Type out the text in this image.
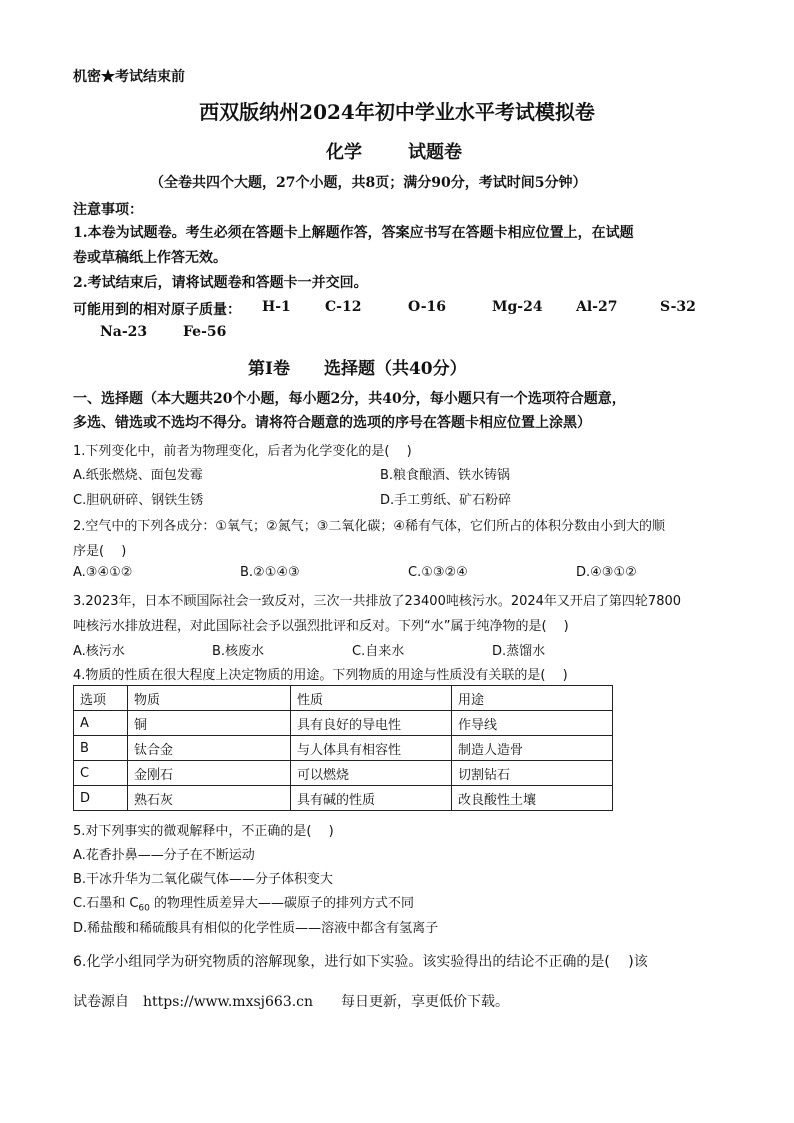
机密★考试结束前
西双版纳州2024年初中学业水平考试模拟卷
化学	试题卷
（全卷共四个大题，27个小题，共8页；满分90分，考试时间5分钟）
注意事项：
1.本卷为试题卷。考生必须在答题卡上解题作答，答案应书写在答题卡相应位置上，在试题
卷或草稿纸上作答无效。
2.考试结束后，请将试题卷和答题卡一并交回。
可能用到的相对原子质量： H-1 C-12	O-16	Mg-24 Al-27	S-32
Na-23	Fe-56
第Ⅰ卷　　选择题（共40分）
一、选择题（本大题共20个小题，每小题2分，共40分，每小题只有一个选项符合题意，
多选、错选或不选均不得分。请将符合题意的选项的序号在答题卡相应位置上涂黑）
1.下列变化中，前者为物理变化，后者为化学变化的是(　 )
A.纸张燃烧、面包发霉	B.粮食酿酒、铁水铸锅
C.胆矾研碎、钢铁生锈	D.手工剪纸、矿石粉碎
2.空气中的下列各成分：①氧气；②氮气；③二氧化碳；④稀有气体，它们所占的体积分数由小到大的顺
序是(　 )
A.③④①②	B.②①④③	C.①③②④	D.④③①②
3.2023年，日本不顾国际社会一致反对，三次一共排放了23400吨核污水。2024年又开启了第四轮7800
吨核污水排放进程，对此国际社会予以强烈批评和反对。下列“水”属于纯净物的是(　 )
A.核污水	B.核废水	C.自来水	D.蒸馏水
4.物质的性质在很大程度上决定物质的用途。下列物质的用途与性质没有关联的是(　 )
选项	物质	性质	用途
A	铜	具有良好的导电性	作导线
B	钛合金	与人体具有相容性	制造人造骨
C	金刚石	可以燃烧	切割钻石
D	熟石灰	具有碱的性质	改良酸性土壤
5.对下列事实的微观解释中，不正确的是(　 )
A.花香扑鼻——分子在不断运动
B.干冰升华为二氧化碳气体——分子体积变大
C.石墨和 $C_{60}$ 的物理性质差异大——碳原子的排列方式不同
D.稀盐酸和稀硫酸具有相似的化学性质——溶液中都含有氢离子
6.化学小组同学为研究物质的溶解现象，进行如下实验。该实验得出的结论不正确的是(　 )该
试卷源自　https://www.mxsj663.cn　　每日更新，享更低价下载。
